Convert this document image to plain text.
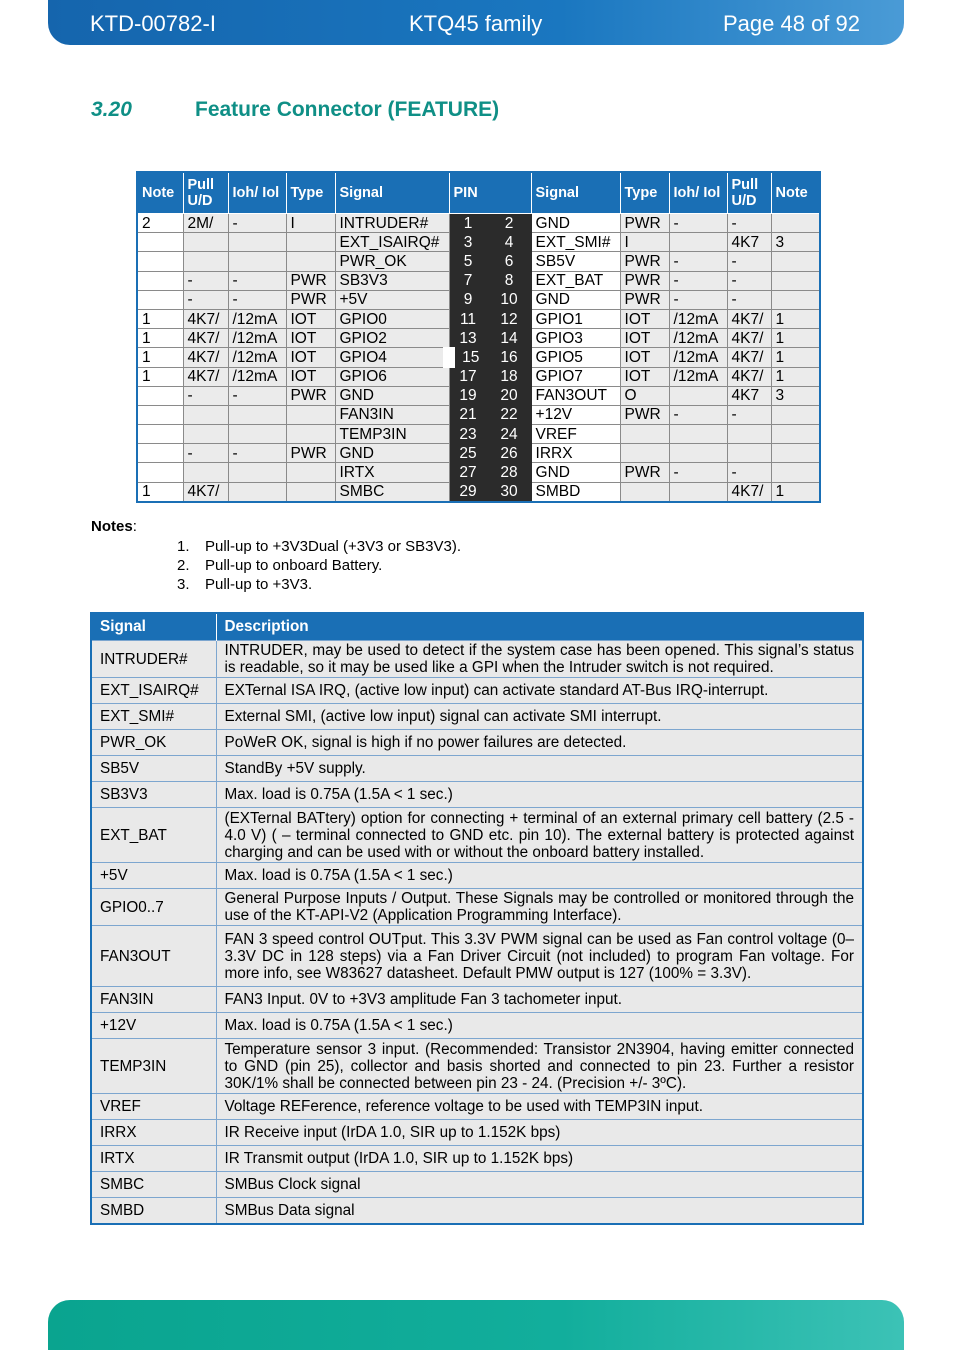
KTD-00782-I	KTQ45 family	Page 48 of 92
3.20	Feature Connector (FEATURE)
Note	Pull U/D	Ioh/ Iol	Type	Signal	PIN		Signal	Type	Ioh/ Iol	Pull U/D	Note
2	2M/	-	I	INTRUDER#	1	2	GND	PWR	-	-	
				EXT_ISAIRQ#	3	4	EXT_SMI#	I		4K7	3
				PWR_OK	5	6	SB5V	PWR	-	-	
	-	-	PWR	SB3V3	7	8	EXT_BAT	PWR	-	-	
	-	-	PWR	+5V	9	10	GND	PWR	-	-	
1	4K7/	/12mA	IOT	GPIO0	11	12	GPIO1	IOT	/12mA	4K7/	1
1	4K7/	/12mA	IOT	GPIO2	13	14	GPIO3	IOT	/12mA	4K7/	1
1	4K7/	/12mA	IOT	GPIO4	15	16	GPIO5	IOT	/12mA	4K7/	1
1	4K7/	/12mA	IOT	GPIO6	17	18	GPIO7	IOT	/12mA	4K7/	1
	-	-	PWR	GND	19	20	FAN3OUT	O		4K7	3
				FAN3IN	21	22	+12V	PWR	-	-	
				TEMP3IN	23	24	VREF				
	-	-	PWR	GND	25	26	IRRX				
				IRTX	27	28	GND	PWR	-	-	
1	4K7/			SMBC	29	30	SMBD			4K7/	1
Notes:
1. Pull-up to +3V3Dual (+3V3 or SB3V3).
2. Pull-up to onboard Battery.
3. Pull-up to +3V3.
Signal	Description
INTRUDER#	INTRUDER, may be used to detect if the system case has been opened. This signal’s status is readable, so it may be used like a GPI when the Intruder switch is not required.
EXT_ISAIRQ#	EXTernal ISA IRQ, (active low input) can activate standard AT-Bus IRQ-interrupt.
EXT_SMI#	External SMI, (active low input) signal can activate SMI interrupt.
PWR_OK	PoWeR OK, signal is high if no power failures are detected.
SB5V	StandBy +5V supply.
SB3V3	Max. load is 0.75A (1.5A < 1 sec.)
EXT_BAT	(EXTernal BATtery) option for connecting + terminal of an external primary cell battery (2.5 - 4.0 V) ( – terminal connected to GND etc. pin 10). The external battery is protected against charging and can be used with or without the onboard battery installed.
+5V	Max. load is 0.75A (1.5A < 1 sec.)
GPIO0..7	General Purpose Inputs / Output. These Signals may be controlled or monitored through the use of the KT-API-V2 (Application Programming Interface).
FAN3OUT	FAN 3 speed control OUTput. This 3.3V PWM signal can be used as Fan control voltage (0–3.3V DC in 128 steps) via a Fan Driver Circuit (not included) to program Fan voltage. For more info, see W83627 datasheet. Default PMW output is 127 (100% = 3.3V).
FAN3IN	FAN3 Input. 0V to +3V3 amplitude Fan 3 tachometer input.
+12V	Max. load is 0.75A (1.5A < 1 sec.)
TEMP3IN	Temperature sensor 3 input. (Recommended: Transistor 2N3904, having emitter connected to GND (pin 25), collector and basis shorted and connected to pin 23. Further a resistor 30K/1% shall be connected between pin 23 - 24. (Precision +/- 3ºC).
VREF	Voltage REFerence, reference voltage to be used with TEMP3IN input.
IRRX	IR Receive input (IrDA 1.0, SIR up to 1.152K bps)
IRTX	IR Transmit output (IrDA 1.0, SIR up to 1.152K bps)
SMBC	SMBus Clock signal
SMBD	SMBus Data signal
